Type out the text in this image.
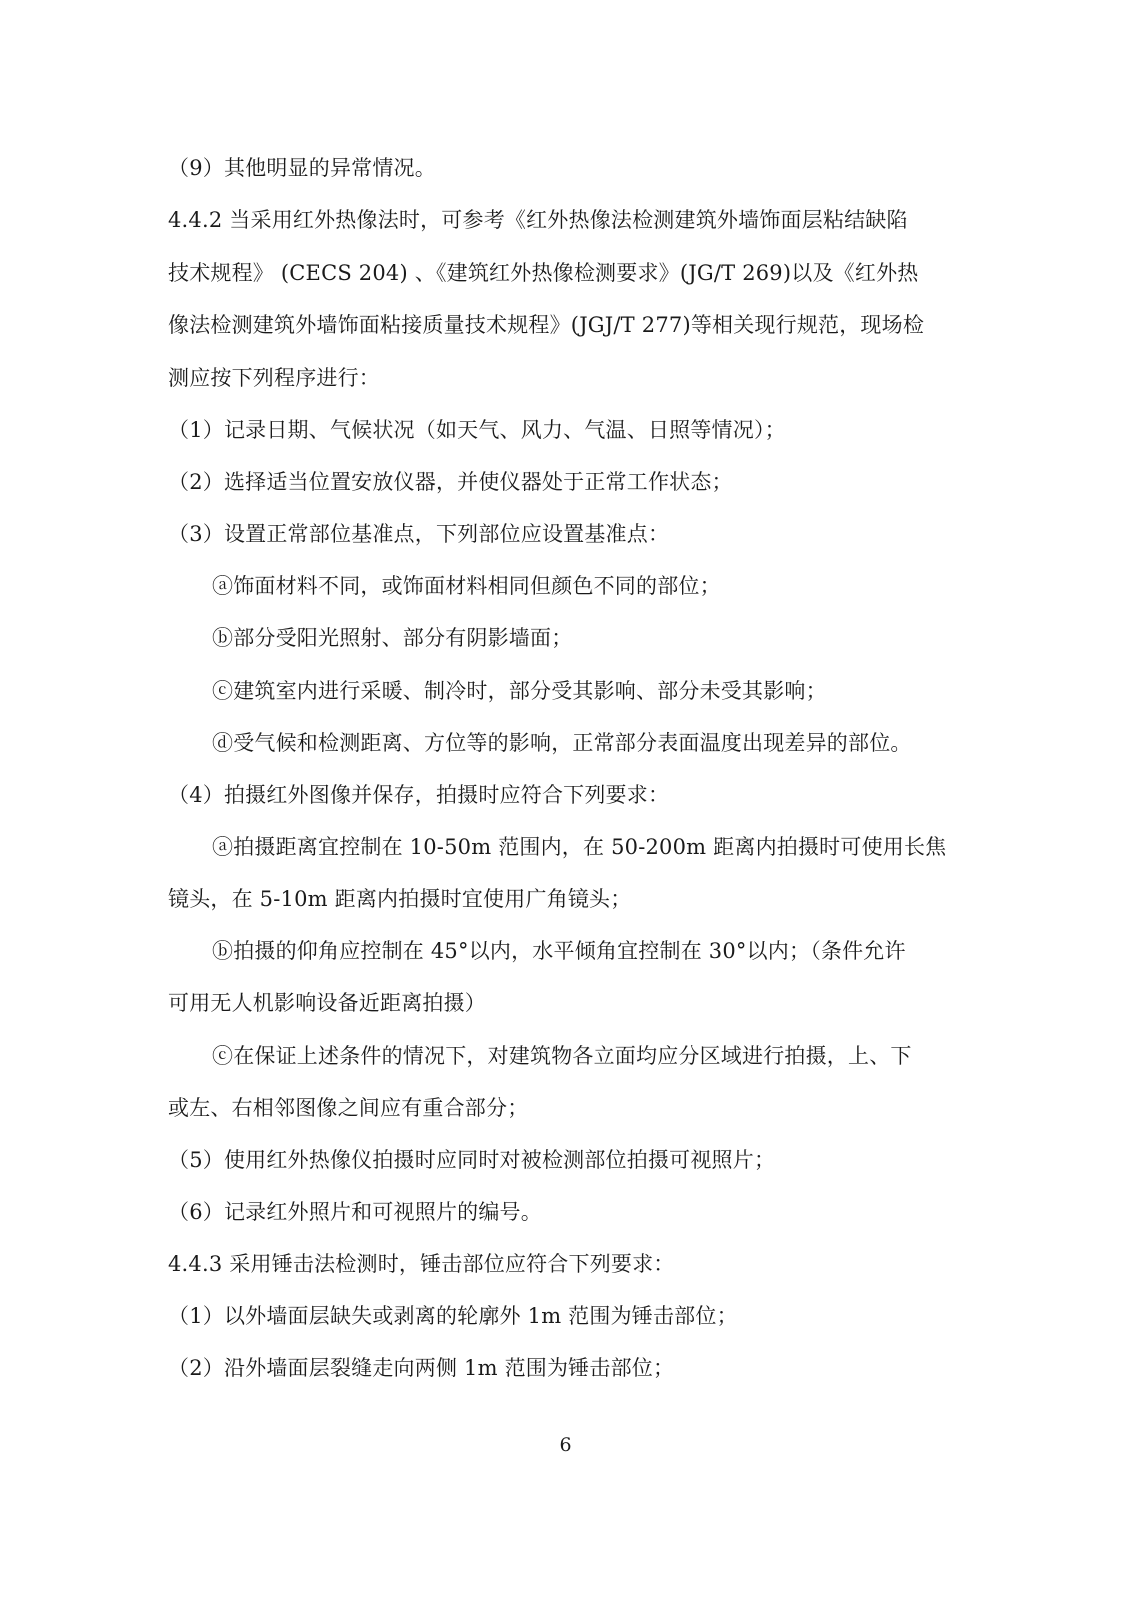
（9）其他明显的异常情况。
4.4.2 当采用红外热像法时，可参考《红外热像法检测建筑外墙饰面层粘结缺陷
技术规程》 (CECS 204) 、《建筑红外热像检测要求》(JG/T 269)以及《红外热
像法检测建筑外墙饰面粘接质量技术规程》(JGJ/T 277)等相关现行规范，现场检
测应按下列程序进行：
（1）记录日期、气候状况（如天气、风力、气温、日照等情况）；
（2）选择适当位置安放仪器，并使仪器处于正常工作状态；
（3）设置正常部位基准点，下列部位应设置基准点：
ⓐ饰面材料不同，或饰面材料相同但颜色不同的部位；
ⓑ部分受阳光照射、部分有阴影墙面；
ⓒ建筑室内进行采暖、制冷时，部分受其影响、部分未受其影响；
ⓓ受气候和检测距离、方位等的影响，正常部分表面温度出现差异的部位。
（4）拍摄红外图像并保存，拍摄时应符合下列要求：
ⓐ拍摄距离宜控制在 10-50m 范围内，在 50-200m 距离内拍摄时可使用长焦
镜头，在 5-10m 距离内拍摄时宜使用广角镜头；
ⓑ拍摄的仰角应控制在 45°以内，水平倾角宜控制在 30°以内；（条件允许
可用无人机影响设备近距离拍摄）
ⓒ在保证上述条件的情况下，对建筑物各立面均应分区域进行拍摄，上、下
或左、右相邻图像之间应有重合部分；
（5）使用红外热像仪拍摄时应同时对被检测部位拍摄可视照片；
（6）记录红外照片和可视照片的编号。
4.4.3 采用锤击法检测时，锤击部位应符合下列要求：
（1）以外墙面层缺失或剥离的轮廓外 1m 范围为锤击部位；
（2）沿外墙面层裂缝走向两侧 1m 范围为锤击部位；
6
